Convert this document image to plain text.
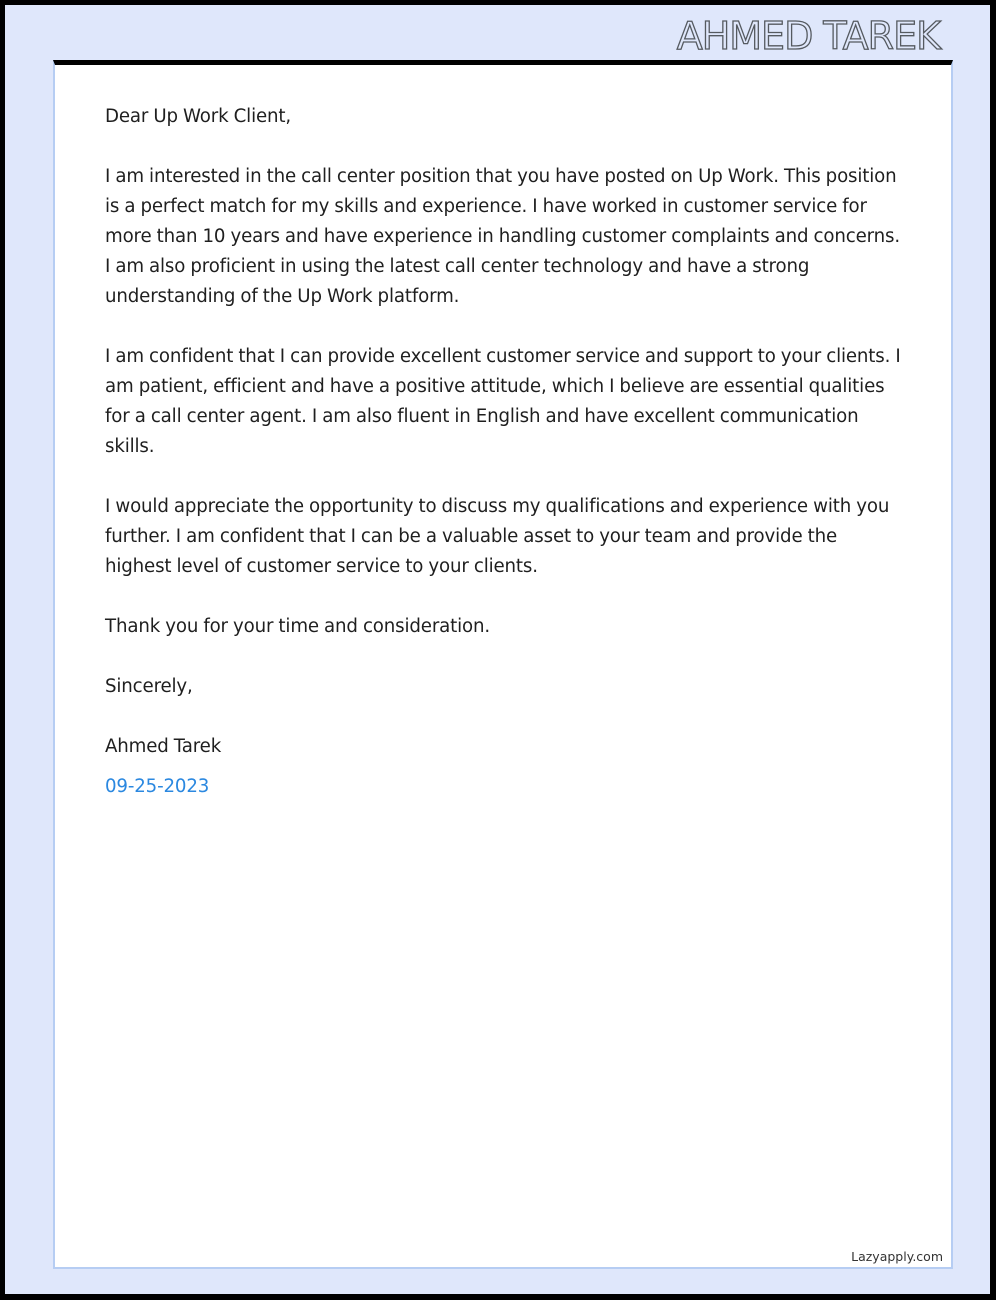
AHMED TAREK

Dear Up Work Client,

I am interested in the call center position that you have posted on Up Work. This position is a perfect match for my skills and experience. I have worked in customer service for more than 10 years and have experience in handling customer complaints and concerns. I am also proficient in using the latest call center technology and have a strong understanding of the Up Work platform.

I am confident that I can provide excellent customer service and support to your clients. I am patient, efficient and have a positive attitude, which I believe are essential qualities for a call center agent. I am also fluent in English and have excellent communication skills.

I would appreciate the opportunity to discuss my qualifications and experience with you further. I am confident that I can be a valuable asset to your team and provide the highest level of customer service to your clients.

Thank you for your time and consideration.

Sincerely,

Ahmed Tarek

09-25-2023

Lazyapply.com
